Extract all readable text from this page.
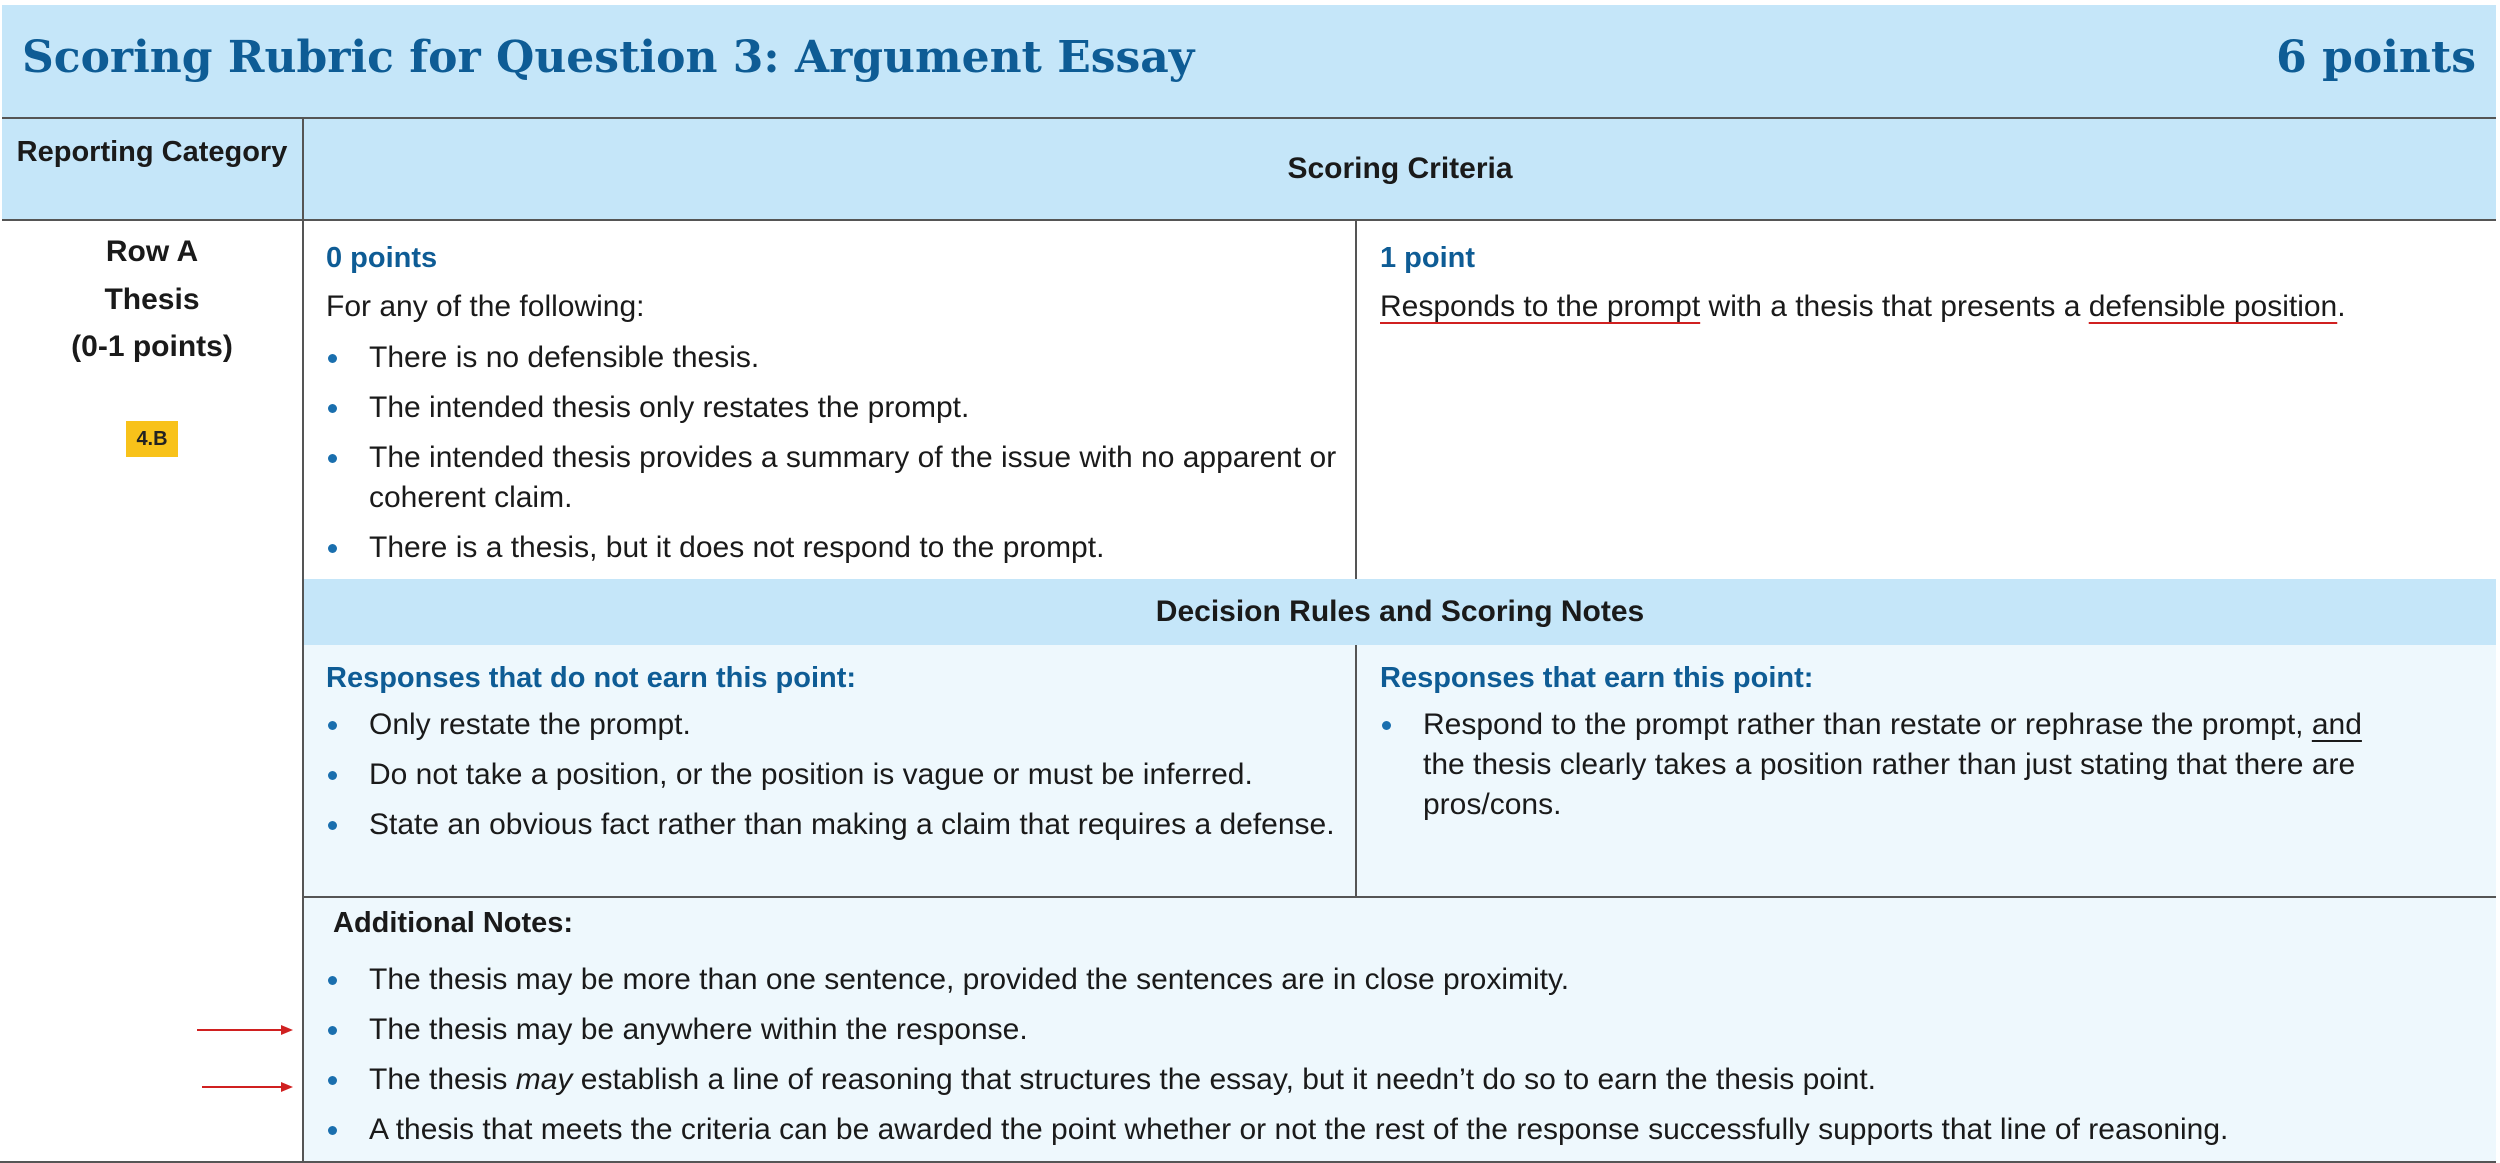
Scoring Rubric for Question 3: Argument Essay	6 points
Reporting Category	Scoring Criteria
Decision Rules and Scoring Notes
Row A
Thesis
(0-1 points)
4.B
0 points
For any of the following:
There is no defensible thesis.
The intended thesis only restates the prompt.
The intended thesis provides a summary of the issue with no apparent or coherent claim.
There is a thesis, but it does not respond to the prompt.
1 point
Responds to the prompt with a thesis that presents a defensible position.
Responses that do not earn this point:
Only restate the prompt.
Do not take a position, or the position is vague or must be inferred.
State an obvious fact rather than making a claim that requires a defense.
Responses that earn this point:
Respond to the prompt rather than restate or rephrase the prompt, and the thesis clearly takes a position rather than just stating that there are pros/cons.
Additional Notes:
The thesis may be more than one sentence, provided the sentences are in close proximity.
The thesis may be anywhere within the response.
The thesis may establish a line of reasoning that structures the essay, but it needn’t do so to earn the thesis point.
A thesis that meets the criteria can be awarded the point whether or not the rest of the response successfully supports that line of reasoning.
